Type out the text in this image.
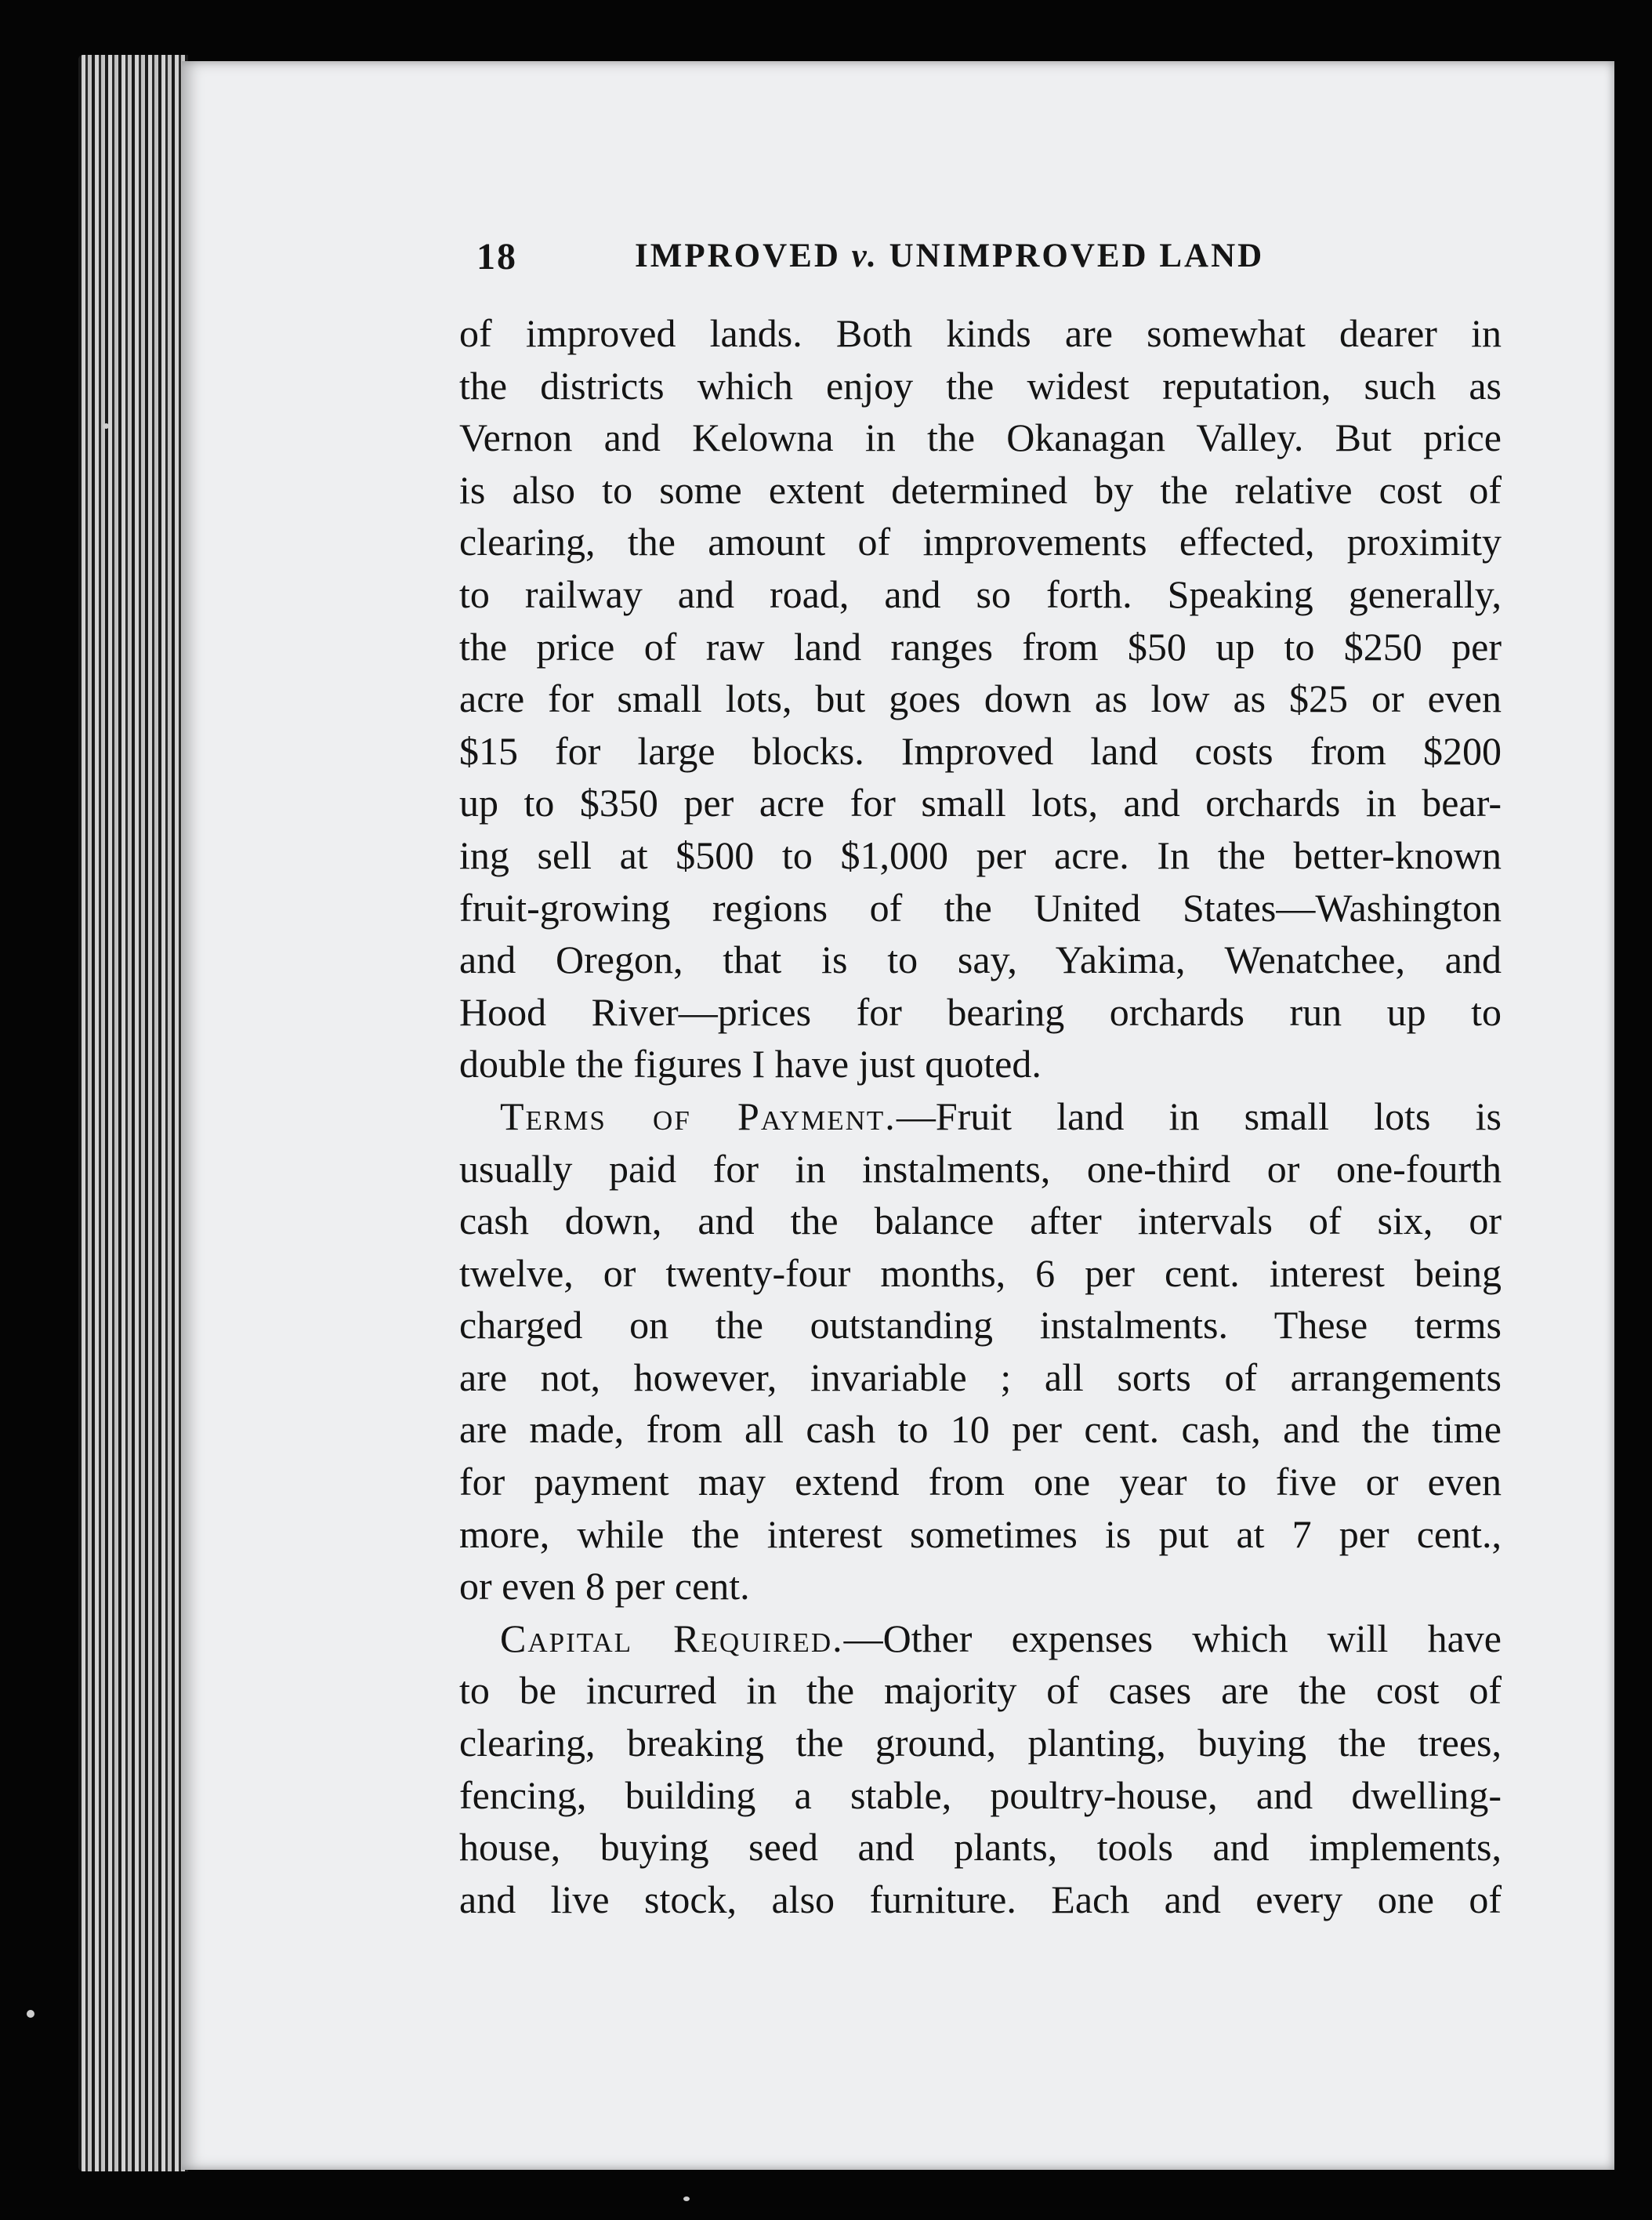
18	IMPROVED v. UNIMPROVED LAND
of improved lands. Both kinds are somewhat dearer in
the districts which enjoy the widest reputation, such as
Vernon and Kelowna in the Okanagan Valley. But price
is also to some extent determined by the relative cost of
clearing, the amount of improvements effected, proximity
to railway and road, and so forth. Speaking generally,
the price of raw land ranges from $50 up to $250 per
acre for small lots, but goes down as low as $25 or even
$15 for large blocks. Improved land costs from $200
up to $350 per acre for small lots, and orchards in bear-
ing sell at $500 to $1,000 per acre. In the better-known
fruit-growing regions of the United States—Washington
and Oregon, that is to say, Yakima, Wenatchee, and
Hood River—prices for bearing orchards run up to
double the figures I have just quoted.
Terms of Payment.—Fruit land in small lots is
usually paid for in instalments, one-third or one-fourth
cash down, and the balance after intervals of six, or
twelve, or twenty-four months, 6 per cent. interest being
charged on the outstanding instalments. These terms
are not, however, invariable ; all sorts of arrangements
are made, from all cash to 10 per cent. cash, and the time
for payment may extend from one year to five or even
more, while the interest sometimes is put at 7 per cent.,
or even 8 per cent.
Capital Required.—Other expenses which will have
to be incurred in the majority of cases are the cost of
clearing, breaking the ground, planting, buying the trees,
fencing, building a stable, poultry-house, and dwelling-
house, buying seed and plants, tools and implements,
and live stock, also furniture. Each and every one of
